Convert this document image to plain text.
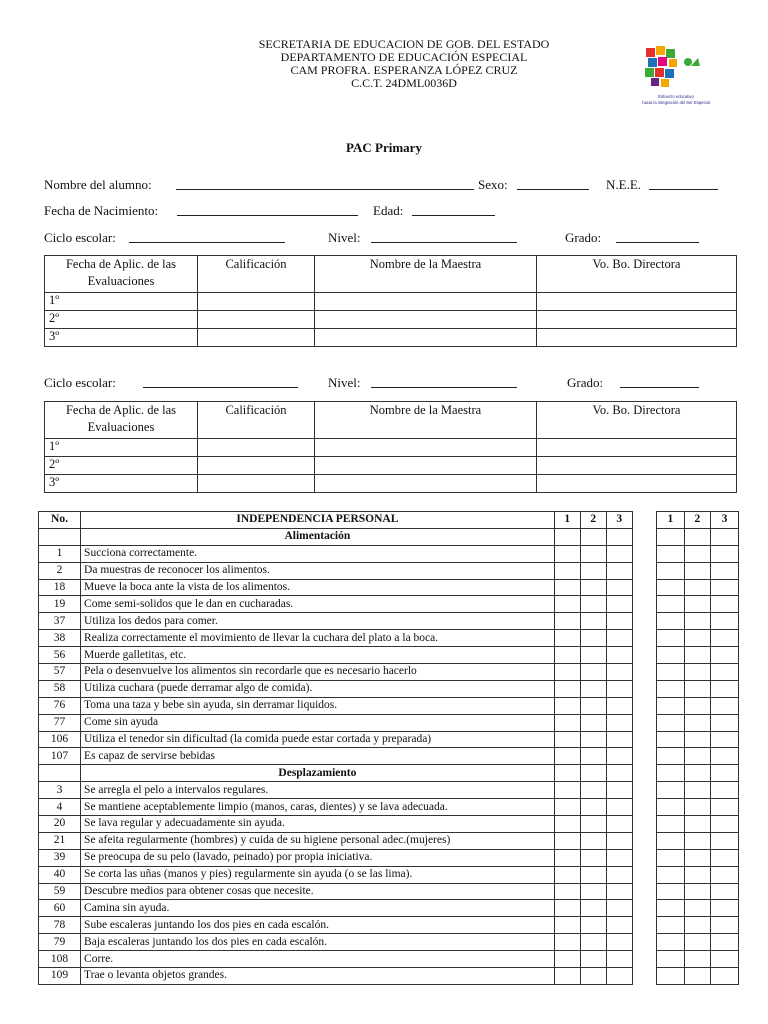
SECRETARIA DE EDUCACION DE GOB. DEL ESTADO
DEPARTAMENTO DE EDUCACIÓN ESPECIAL
CAM PROFRA. ESPERANZA LÓPEZ CRUZ
C.C.T. 24DML0036D
Esfuerzo educativo
hacia la integración del Ser Especial
PAC Primary
Nombre del alumno:	Sexo:	N.E.E.
Fecha de Nacimiento:	Edad:
Ciclo escolar:	Nivel:	Grado:
Fecha de Aplic. de las Evaluaciones	Calificación	Nombre de la Maestra	Vo. Bo. Directora
1º			
2º			
3º			
Ciclo escolar:	Nivel:	Grado:
Fecha de Aplic. de las Evaluaciones	Calificación	Nombre de la Maestra	Vo. Bo. Directora
1º			
2º			
3º			
No.	INDEPENDENCIA PERSONAL	1	2	3		1	2	3
	Alimentación							
1	Succiona correctamente.							
2	Da muestras de reconocer los alimentos.							
18	Mueve la boca ante la vista de los alimentos.							
19	Come semi-solidos que le dan en cucharadas.							
37	Utiliza los dedos para comer.							
38	Realiza correctamente el movimiento de llevar la cuchara del plato a la boca.							
56	Muerde galletitas, etc.							
57	Pela o desenvuelve los alimentos sin recordarle que es necesario hacerlo							
58	Utiliza cuchara (puede derramar algo de comida).							
76	Toma una taza y bebe sin ayuda, sin derramar liquidos.							
77	Come sin ayuda							
106	Utiliza el tenedor sin dificultad (la comida puede estar cortada y preparada)							
107	Es capaz de servirse bebidas							
	Desplazamiento							
3	Se arregla el pelo a intervalos regulares.							
4	Se mantiene aceptablemente limpio (manos, caras, dientes) y se lava adecuada.							
20	Se lava regular y adecuadamente sin ayuda.							
21	Se afeita regularmente (hombres) y cuida de su higiene personal adec.(mujeres)							
39	Se preocupa de su pelo (lavado, peinado) por propia iniciativa.							
40	Se corta las uñas (manos y pies) regularmente sin ayuda (o se las lima).							
59	Descubre medios para obtener cosas que necesite.							
60	Camina sin ayuda.							
78	Sube escaleras juntando los dos pies en cada escalón.							
79	Baja escaleras juntando los dos pies en cada escalón.							
108	Corre.							
109	Trae o levanta objetos grandes.							
